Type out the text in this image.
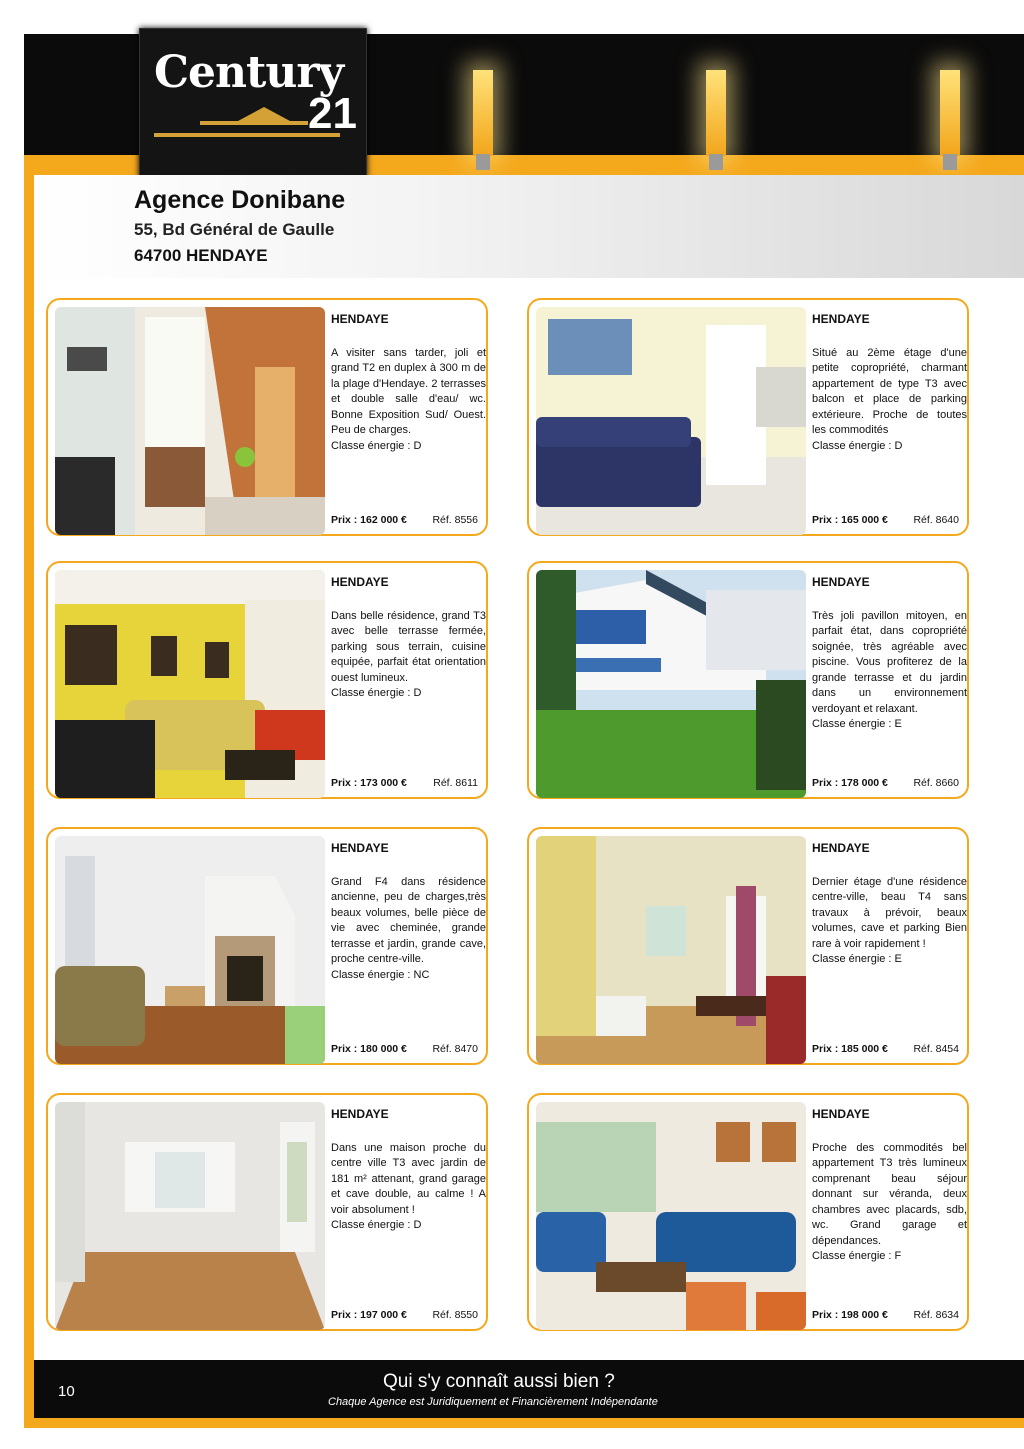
Century
21
Agence Donibane
55, Bd Général de Gaulle
64700 HENDAYE
HENDAYE
A visiter sans tarder, joli et grand T2 en duplex à 300 m de la plage d'Hendaye. 2 terrasses et double salle d'eau/ wc. Bonne Exposition Sud/ Ouest. Peu de charges.
Classe énergie : D
Prix : 162 000 € Réf. 8556
HENDAYE
Situé au 2ème étage d'une petite copropriété, charmant appartement de type T3 avec balcon et place de parking extérieure. Proche de toutes les commodités
Classe énergie : D
Prix : 165 000 € Réf. 8640
HENDAYE
Dans belle résidence, grand T3 avec belle terrasse fermée, parking sous terrain, cuisine equipée, parfait état orientation ouest lumineux.
Classe énergie : D
Prix : 173 000 €	Réf. 8611
HENDAYE
Très joli pavillon mitoyen, en parfait état, dans copropriété soignée, très agréable avec piscine. Vous profiterez de la grande terrasse et du jardin dans un environnement verdoyant et relaxant.
Classe énergie : E
Prix : 178 000 € Réf. 8660
HENDAYE
Grand F4 dans résidence ancienne, peu de charges,très beaux volumes, belle pièce de vie avec cheminée, grande terrasse et jardin, grande cave, proche centre-ville.
Classe énergie : NC
Prix : 180 000 € Réf. 8470
HENDAYE
Dernier étage d'une résidence centre-ville, beau T4 sans travaux à prévoir, beaux volumes, cave et parking Bien rare à voir rapidement !
Classe énergie : E
Prix : 185 000 € Réf. 8454
HENDAYE
Dans une maison proche du centre ville T3 avec jardin de 181 m² attenant, grand garage et cave double, au calme ! A voir absolument !
Classe énergie : D
Prix : 197 000 € Réf. 8550
HENDAYE
Proche des commodités bel appartement T3 très lumineux comprenant beau séjour donnant sur véranda, deux chambres avec placards, sdb, wc. Grand garage et dépendances.
Classe énergie : F
Prix : 198 000 € Réf. 8634
10	Qui s'y connaît aussi bien ?
Chaque Agence est Juridiquement et Financièrement Indépendante
